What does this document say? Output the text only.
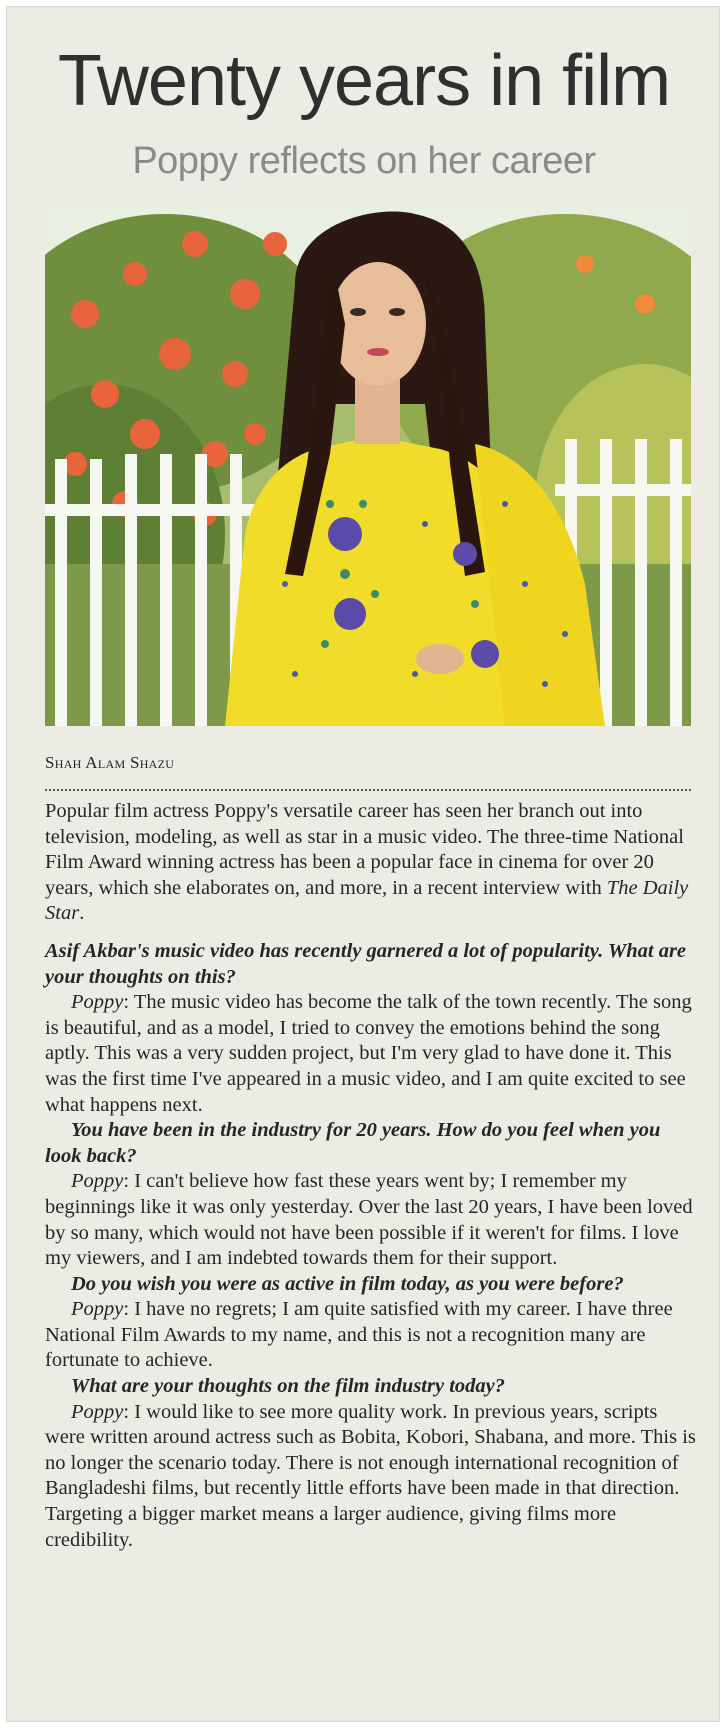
Twenty years in film
Poppy reflects on her career
Shah Alam Shazu

Popular film actress Poppy's versatile career has seen her branch out into television, modeling, as well as star in a music video. The three-time National Film Award winning actress has been a popular face in cinema for over 20 years, which she elaborates on, and more, in a recent interview with The Daily Star.

Asif Akbar's music video has recently garnered a lot of popularity. What are your thoughts on this?

Poppy: The music video has become the talk of the town recently. The song is beautiful, and as a model, I tried to convey the emotions behind the song aptly. This was a very sudden project, but I'm very glad to have done it. This was the first time I've appeared in a music video, and I am quite excited to see what happens next.

You have been in the industry for 20 years. How do you feel when you look back?

Poppy: I can't believe how fast these years went by; I remember my beginnings like it was only yesterday. Over the last 20 years, I have been loved by so many, which would not have been possible if it weren't for films. I love my viewers, and I am indebted towards them for their support.

Do you wish you were as active in film today, as you were before?

Poppy: I have no regrets; I am quite satisfied with my career. I have three National Film Awards to my name, and this is not a recognition many are fortunate to achieve.

What are your thoughts on the film industry today?

Poppy: I would like to see more quality work. In previous years, scripts were written around actress such as Bobita, Kobori, Shabana, and more. This is no longer the scenario today. There is not enough international recognition of Bangladeshi films, but recently little efforts have been made in that direction. Targeting a bigger market means a larger audience, giving films more credibility.
